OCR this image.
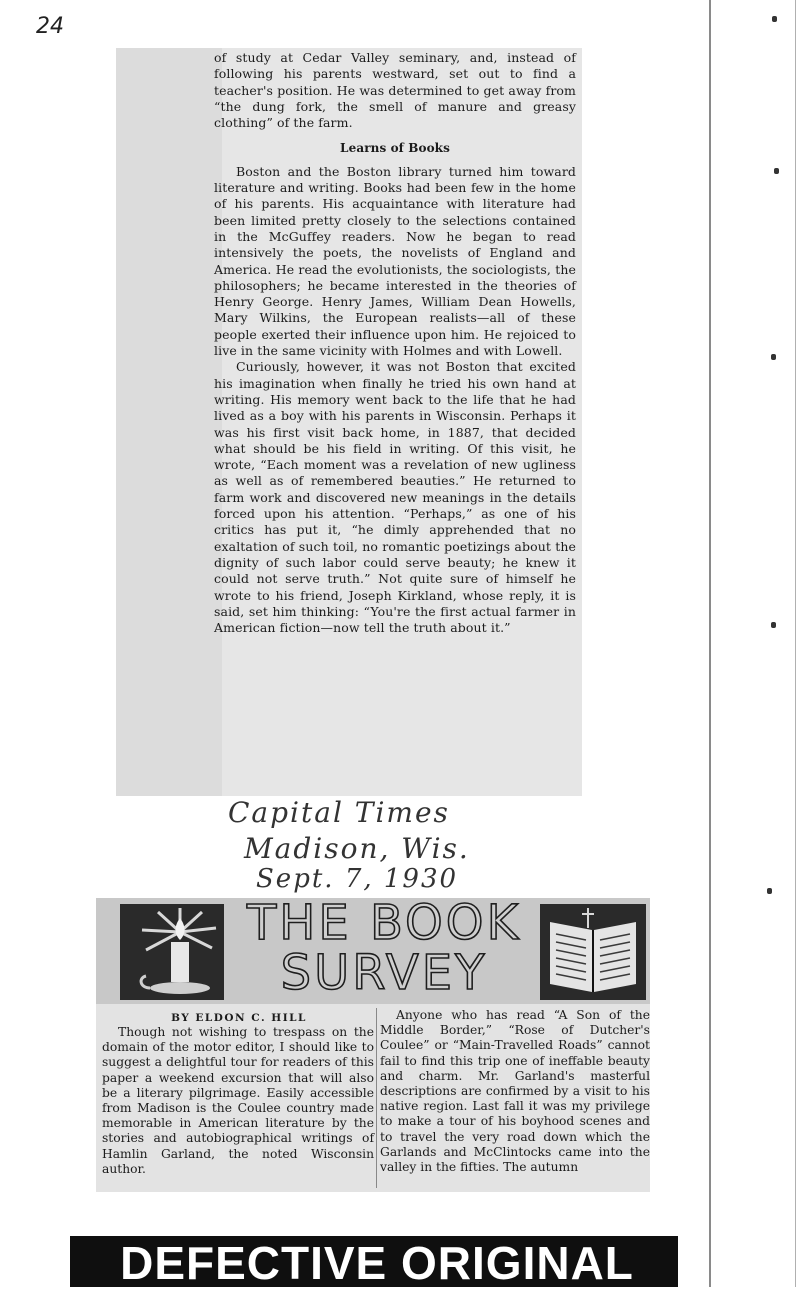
24

of study at Cedar Valley seminary, and, instead of following his parents westward, set out to find a teacher's position. He was determined to get away from “the dung fork, the smell of manure and greasy clothing” of the farm.

Learns of Books

Boston and the Boston library turned him toward literature and writing. Books had been few in the home of his parents. His acquaintance with literature had been limited pretty closely to the selections contained in the McGuffey readers. Now he began to read intensively the poets, the novelists of England and America. He read the evolutionists, the sociologists, the philosophers; he became interested in the theories of Henry George. Henry James, William Dean Howells, Mary Wilkins, the European realists—all of these people exerted their influence upon him. He rejoiced to live in the same vicinity with Holmes and with Lowell.

Curiously, however, it was not Boston that excited his imagination when finally he tried his own hand at writing. His memory went back to the life that he had lived as a boy with his parents in Wisconsin. Perhaps it was his first visit back home, in 1887, that decided what should be his field in writing. Of this visit, he wrote, “Each moment was a revelation of new ugliness as well as of remembered beauties.” He returned to farm work and discovered new meanings in the details forced upon his attention. “Perhaps,” as one of his critics has put it, “he dimly apprehended that no exaltation of such toil, no romantic poetizings about the dignity of such labor could serve beauty; he knew it could not serve truth.” Not quite sure of himself he wrote to his friend, Joseph Kirkland, whose reply, it is said, set him thinking: “You're the first actual farmer in American fiction—now tell the truth about it.”

Capital Times
Madison, Wis.
Sept. 7, 1930
THE BOOK
SURVEY
BY ELDON C. HILL

Though not wishing to trespass on the domain of the motor editor, I should like to suggest a delightful tour for readers of this paper a weekend excursion that will also be a literary pilgrimage. Easily accessible from Madison is the Coulee country made memorable in American literature by the stories and autobiographical writings of Hamlin Garland, the noted Wisconsin author.

Anyone who has read “A Son of the Middle Border,” “Rose of Dutcher's Coulee” or “Main-Travelled Roads” cannot fail to find this trip one of ineffable beauty and charm. Mr. Garland's masterful descriptions are confirmed by a visit to his native region. Last fall it was my privilege to make a tour of his boyhood scenes and to travel the very road down which the Garlands and McClintocks came into the valley in the fifties. The autumn

DEFECTIVE ORIGINAL
